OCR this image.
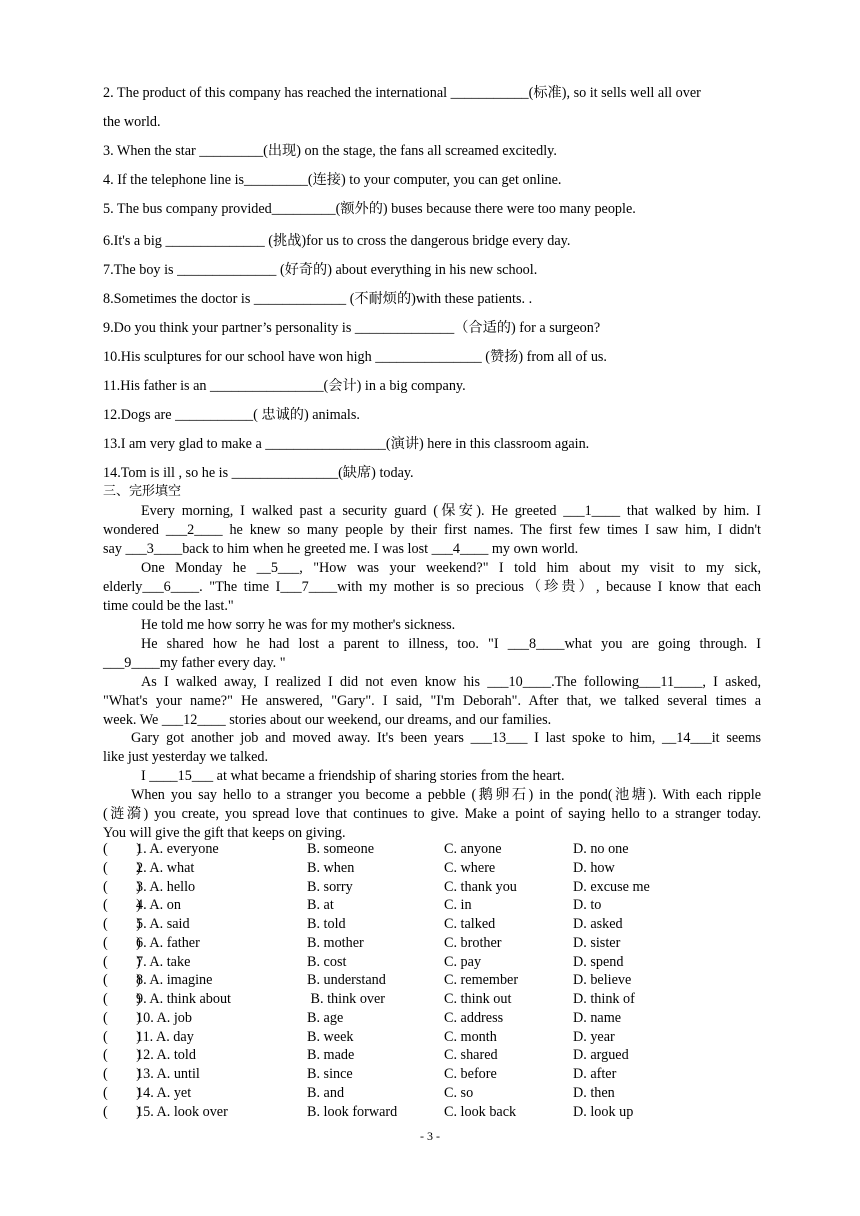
2. The product of this company has reached the international ___________(标准), so it sells well all over
the world.
3. When the star _________(出现) on the stage, the fans all screamed excitedly.
4. If the telephone line is_________(连接) to your computer, you can get online.
5. The bus company provided_________(额外的) buses because there were too many people.
6.It's a big ______________ (挑战)for us to cross the dangerous bridge every day.
7.The boy is ______________ (好奇的) about everything in his new school.
8.Sometimes the doctor is _____________ (不耐烦的)with these patients. .
9.Do you think your partner’s personality is ______________（合适的) for a surgeon?
10.His sculptures for our school have won high _______________ (赞扬) from all of us.
11.His father is an ________________(会计) in a big company.
12.Dogs are ___________( 忠诚的) animals.
13.I am very glad to make a _________________(演讲) here in this classroom again.
14.Tom is ill , so he is _______________(缺席) today.
三、完形填空
Every morning, I walked past a security guard (保安). He greeted ___1____ that walked by him. I
wondered ___2____ he knew so many people by their first names. The first few times I saw him, I didn't
say ___3____back to him when he greeted me. I was lost ___4____ my own world.
One Monday he __5___, "How was your weekend?" I told him about my visit to my sick,
elderly___6____. "The time I___7____with my mother is so precious（珍贵）, because I know that each
time could be the last."
He told me how sorry he was for my mother's sickness.
He shared how he had lost a parent to illness, too. "I ___8____what you are going through. I
___9____my father every day. "
As I walked away, I realized I did not even know his ___10____.The following___11____, I asked,
"What's your name?" He answered, "Gary". I said, "I'm Deborah". After that, we talked several times a
week. We ___12____ stories about our weekend, our dreams, and our families.
Gary got another job and moved away. It's been years ___13___ I last spoke to him, __14___it seems
like just yesterday we talked.
I ____15___ at what became a friendship of sharing stories from the heart.
When you say hello to a stranger you become a pebble (鹅卵石) in the pond(池塘). With each ripple
(涟漪) you create, you spread love that continues to give. Make a point of saying hello to a stranger today.
You will give the gift that keeps on giving.
(        )
1. A. everyone	B. someone	C. anyone	D. no one
(        )
2. A. what	B. when	C. where	D. how
(        )
3. A. hello	B. sorry	C. thank you	D. excuse me
(        )
4. A. on	B. at	C. in	D. to
(        )
5. A. said	B. told	C. talked	D. asked
(        )
6. A. father	B. mother	C. brother	D. sister
(        )
7. A. take	B. cost	C. pay	D. spend
(        )
8. A. imagine	B. understand	C. remember	D. believe
(        )
9. A. think about	B. think over	C. think out	D. think of
(        )
10. A. job	B. age	C. address	D. name
(        )
11. A. day	B. week	C. month	D. year
(        )
12. A. told	B. made	C. shared	D. argued
(        )
13. A. until	B. since	C. before	D. after
(        )
14. A. yet	B. and	C. so	D. then
(        )
15. A. look over	B. look forward	C. look back	D. look up
- 3 -
